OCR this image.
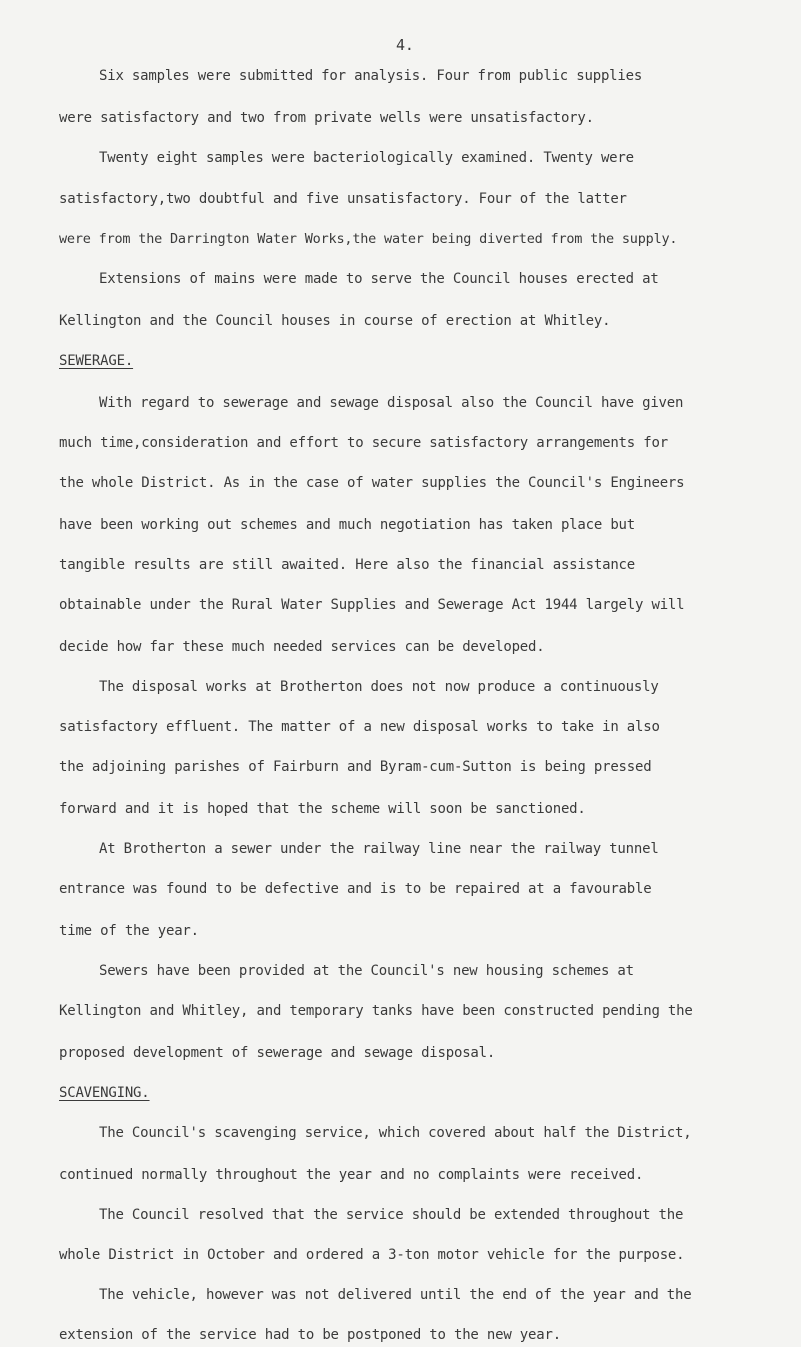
4.
Six samples were submitted for analysis. Four from public supplies
were satisfactory and two from private wells were unsatisfactory.
Twenty eight samples were bacteriologically examined. Twenty were
satisfactory,two doubtful and five unsatisfactory. Four of the latter
were from the Darrington Water Works,the water being diverted from the supply.
Extensions of mains were made to serve the Council houses erected at
Kellington and the Council houses in course of erection at Whitley.
SEWERAGE.
With regard to sewerage and sewage disposal also the Council have given
much time,consideration and effort to secure satisfactory arrangements for
the whole District. As in the case of water supplies the Council's Engineers
have been working out schemes and much negotiation has taken place but
tangible results are still awaited. Here also the financial assistance
obtainable under the Rural Water Supplies and Sewerage Act 1944 largely will
decide how far these much needed services can be developed.
The disposal works at Brotherton does not now produce a continuously
satisfactory effluent. The matter of a new disposal works to take in also
the adjoining parishes of Fairburn and Byram-cum-Sutton is being pressed
forward and it is hoped that the scheme will soon be sanctioned.
At Brotherton a sewer under the railway line near the railway tunnel
entrance was found to be defective and is to be repaired at a favourable
time of the year.
Sewers have been provided at the Council's new housing schemes at
Kellington and Whitley, and temporary tanks have been constructed pending the
proposed development of sewerage and sewage disposal.
SCAVENGING.
The Council's scavenging service, which covered about half the District,
continued normally throughout the year and no complaints were received.
The Council resolved that the service should be extended throughout the
whole District in October and ordered a 3-ton motor vehicle for the purpose.
The vehicle, however was not delivered until the end of the year and the
extension of the service had to be postponed to the new year.
